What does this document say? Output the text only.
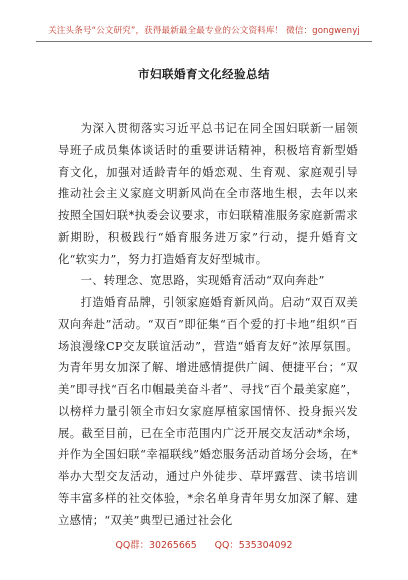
关注头条号“公文研究”，获得最新最全最专业的公文资料库！ 微信：gongwenyj
市妇联婚育文化经验总结

为深入贯彻落实习近平总书记在同全国妇联新一届领导班子成员集体谈话时的重要讲话精神，积极培育新型婚育文化，加强对适龄青年的婚恋观、生育观、家庭观引导推动社会主义家庭文明新风尚在全市落地生根，去年以来按照全国妇联*执委会议要求，市妇联精准服务家庭新需求新期盼，积极践行“婚育服务进万家”行动，提升婚育文化“软实力”，努力打造婚育友好型城市。

一、转理念、宽思路，实现婚育活动“双向奔赴”

打造婚育品牌，引领家庭婚育新风尚。启动“双百双美双向奔赴”活动。“双百”即征集“百个爱的打卡地”组织“百场浪漫缘CP交友联谊活动”，营造“婚育友好”浓厚氛围。为青年男女加深了解、增进感情提供广阔、便捷平台；“双美”即寻找“百名巾帼最美奋斗者”、寻找“百个最美家庭”，以榜样力量引领全市妇女家庭厚植家国情怀、投身振兴发展。截至目前，已在全市范围内广泛开展交友活动*余场，并作为全国妇联“幸福联线”婚恋服务活动首场分会场，在*举办大型交友活动，通过户外徒步、草坪露营、读书培训等丰富多样的社交体验，*余名单身青年男女加深了解、建立感情；“双美”典型已通过社会化

QQ群：30265665 QQ：535304092
